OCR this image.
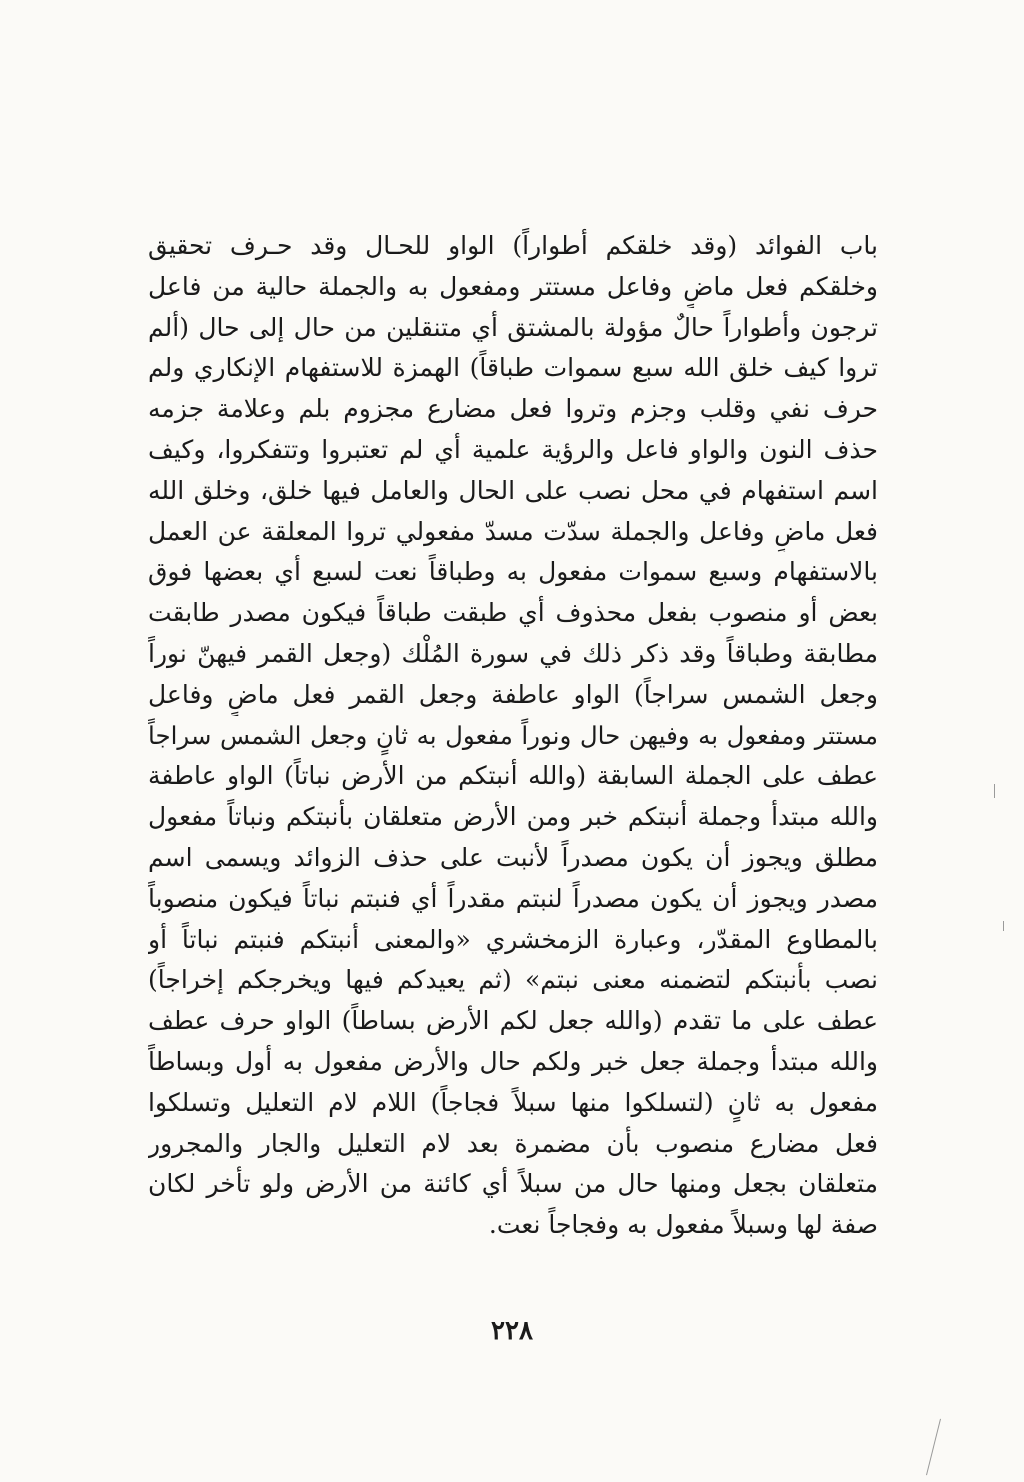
باب الفوائد (وقد خلقكم أطواراً) الواو للحـال وقد حـرف تحقيق
وخلقكم فعل ماضٍ وفاعل مستتر ومفعول به والجملة حالية من فاعل
ترجون وأطواراً حالٌ مؤولة بالمشتق أي متنقلين من حال إلى حال (ألم
تروا كيف خلق الله سبع سموات طباقاً) الهمزة للاستفهام الإنكاري ولم
حرف نفي وقلب وجزم وتروا فعل مضارع مجزوم بلم وعلامة جزمه
حذف النون والواو فاعل والرؤية علمية أي لم تعتبروا وتتفكروا، وكيف
اسم استفهام في محل نصب على الحال والعامل فيها خلق، وخلق الله
فعل ماضٍ وفاعل والجملة سدّت مسدّ مفعولي تروا المعلقة عن العمل
بالاستفهام وسبع سموات مفعول به وطباقاً نعت لسبع أي بعضها فوق
بعض أو منصوب بفعل محذوف أي طبقت طباقاً فيكون مصدر طابقت
مطابقة وطباقاً وقد ذكر ذلك في سورة المُلْك (وجعل القمر فيهنّ نوراً
وجعل الشمس سراجاً) الواو عاطفة وجعل القمر فعل ماضٍ وفاعل
مستتر ومفعول به وفيهن حال ونوراً مفعول به ثانٍ وجعل الشمس سراجاً
عطف على الجملة السابقة (والله أنبتكم من الأرض نباتاً) الواو عاطفة
والله مبتدأ وجملة أنبتكم خبر ومن الأرض متعلقان بأنبتكم ونباتاً مفعول
مطلق ويجوز أن يكون مصدراً لأنبت على حذف الزوائد ويسمى اسم
مصدر ويجوز أن يكون مصدراً لنبتم مقدراً أي فنبتم نباتاً فيكون منصوباً
بالمطاوع المقدّر، وعبارة الزمخشري «والمعنى أنبتكم فنبتم نباتاً أو
نصب بأنبتكم لتضمنه معنى نبتم» (ثم يعيدكم فيها ويخرجكم إخراجاً)
عطف على ما تقدم (والله جعل لكم الأرض بساطاً) الواو حرف عطف
والله مبتدأ وجملة جعل خبر ولكم حال والأرض مفعول به أول وبساطاً
مفعول به ثانٍ (لتسلكوا منها سبلاً فجاجاً) اللام لام التعليل وتسلكوا
فعل مضارع منصوب بأن مضمرة بعد لام التعليل والجار والمجرور
متعلقان بجعل ومنها حال من سبلاً أي كائنة من الأرض ولو تأخر لكان
صفة لها وسبلاً مفعول به وفجاجاً نعت.
٢٢٨
